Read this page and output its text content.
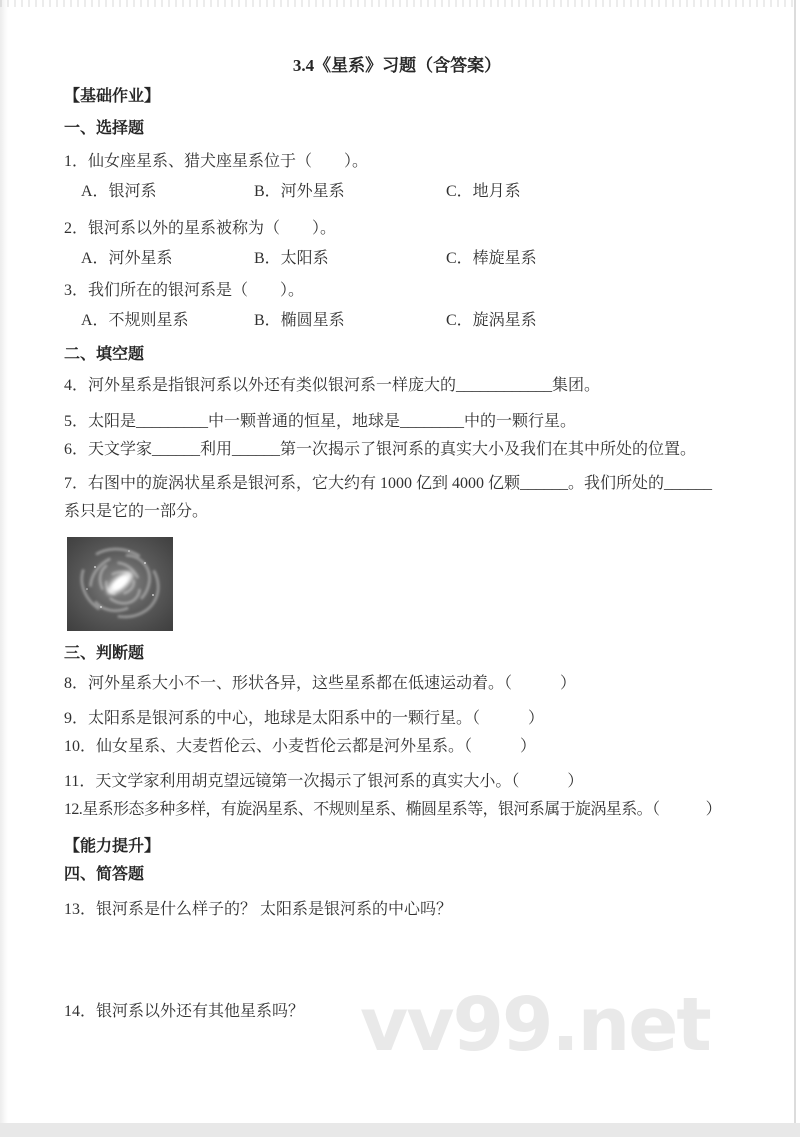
vv99.net
3.4《星系》习题（含答案）
【基础作业】
一、选择题
1．仙女座星系、猎犬座星系位于（　　）。
A．银河系	B．河外星系	C．地月系
2．银河系以外的星系被称为（　　）。
A．河外星系	B．太阳系	C．棒旋星系
3．我们所在的银河系是（　　）。
A．不规则星系	B．椭圆星系	C．旋涡星系
二、填空题
4．河外星系是指银河系以外还有类似银河系一样庞大的____________集团。
5．太阳是_________中一颗普通的恒星，地球是________中的一颗行星。
6．天文学家______利用______第一次揭示了银河系的真实大小及我们在其中所处的位置。
7．右图中的旋涡状星系是银河系，它大约有 1000 亿到 4000 亿颗______。我们所处的______
系只是它的一部分。
三、判断题
8．河外星系大小不一、形状各异，这些星系都在低速运动着。（　　　）
9．太阳系是银河系的中心，地球是太阳系中的一颗行星。（　　　）
10．仙女星系、大麦哲伦云、小麦哲伦云都是河外星系。（　　　）
11．天文学家利用胡克望远镜第一次揭示了银河系的真实大小。（　　　）
12.星系形态多种多样，有旋涡星系、不规则星系、椭圆星系等，银河系属于旋涡星系。（　　　）
【能力提升】
四、简答题
13．银河系是什么样子的？ 太阳系是银河系的中心吗？
14．银河系以外还有其他星系吗？
